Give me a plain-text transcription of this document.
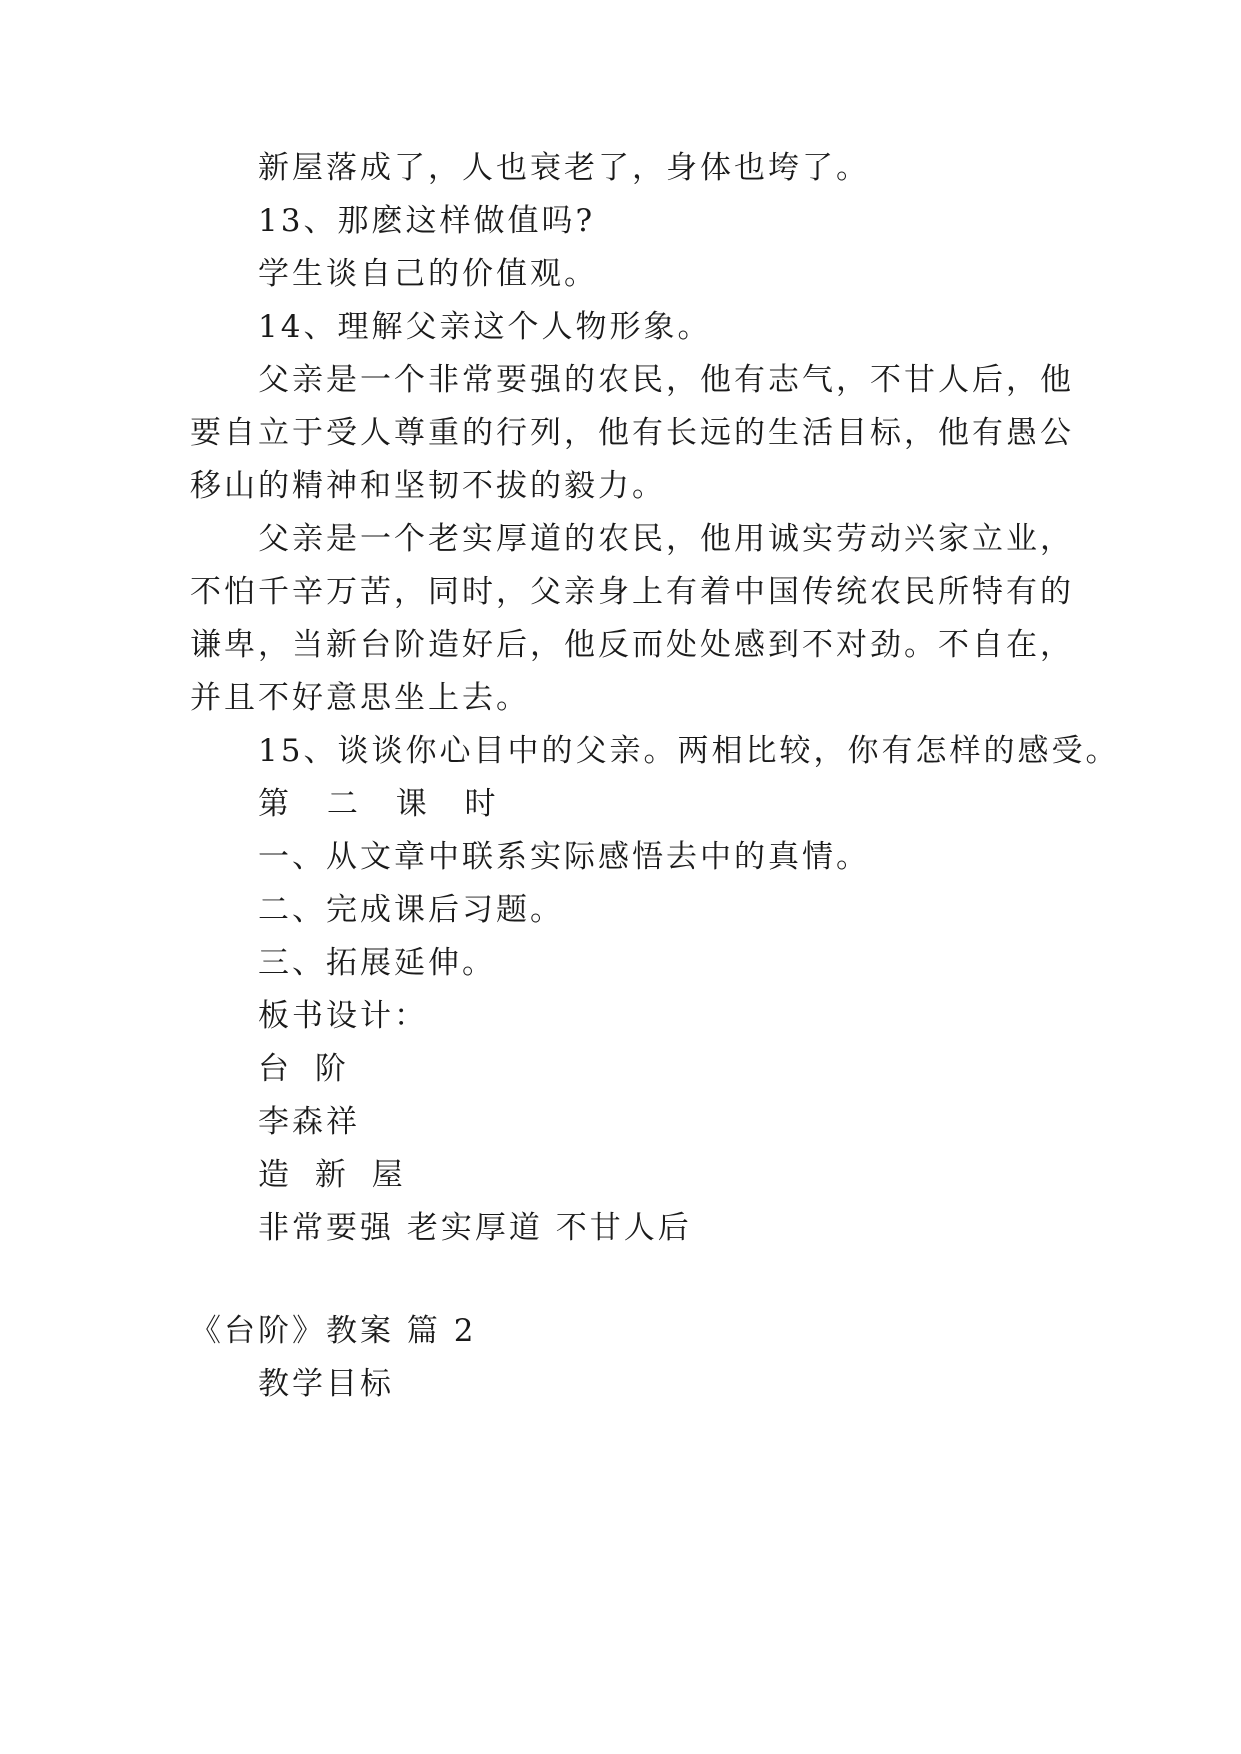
新屋落成了，人也衰老了，身体也垮了。
13、那麽这样做值吗?
学生谈自己的价值观。
14、理解父亲这个人物形象。
父亲是一个非常要强的农民，他有志气，不甘人后，他
要自立于受人尊重的行列，他有长远的生活目标，他有愚公
移山的精神和坚韧不拔的毅力。
父亲是一个老实厚道的农民，他用诚实劳动兴家立业，
不怕千辛万苦，同时，父亲身上有着中国传统农民所特有的
谦卑，当新台阶造好后，他反而处处感到不对劲。不自在，
并且不好意思坐上去。
15、谈谈你心目中的父亲。两相比较，你有怎样的感受。
第 二 课 时
一、从文章中联系实际感悟去中的真情。
二、完成课后习题。
三、拓展延伸。
板书设计：
台 阶
李森祥
造 新 屋
非常要强 老实厚道 不甘人后
《台阶》教案 篇 2
教学目标
